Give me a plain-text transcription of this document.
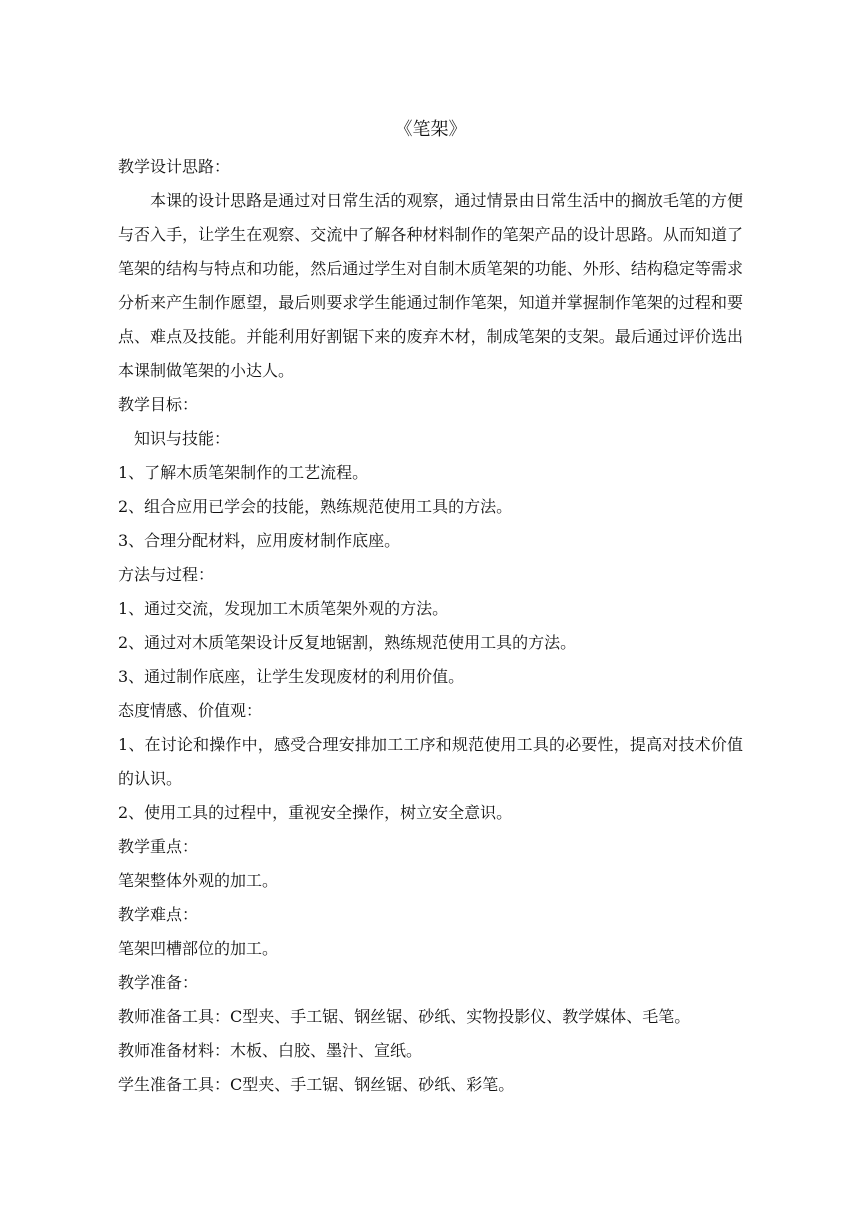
《笔架》
教学设计思路：
本课的设计思路是通过对日常生活的观察，通过情景由日常生活中的搁放毛笔的方便与否入手，让学生在观察、交流中了解各种材料制作的笔架产品的设计思路。从而知道了笔架的结构与特点和功能，然后通过学生对自制木质笔架的功能、外形、结构稳定等需求分析来产生制作愿望，最后则要求学生能通过制作笔架，知道并掌握制作笔架的过程和要点、难点及技能。并能利用好割锯下来的废弃木材，制成笔架的支架。最后通过评价选出本课制做笔架的小达人。
教学目标：
知识与技能：
1、了解木质笔架制作的工艺流程。
2、组合应用已学会的技能，熟练规范使用工具的方法。
3、合理分配材料，应用废材制作底座。
方法与过程：
1、通过交流，发现加工木质笔架外观的方法。
2、通过对木质笔架设计反复地锯割，熟练规范使用工具的方法。
3、通过制作底座，让学生发现废材的利用价值。
态度情感、价值观：
1、在讨论和操作中，感受合理安排加工工序和规范使用工具的必要性，提高对技术价值的认识。
2、使用工具的过程中，重视安全操作，树立安全意识。
教学重点：
笔架整体外观的加工。
教学难点：
笔架凹槽部位的加工。
教学准备：
教师准备工具：C型夹、手工锯、钢丝锯、砂纸、实物投影仪、教学媒体、毛笔。
教师准备材料：木板、白胶、墨汁、宣纸。
学生准备工具：C型夹、手工锯、钢丝锯、砂纸、彩笔。
